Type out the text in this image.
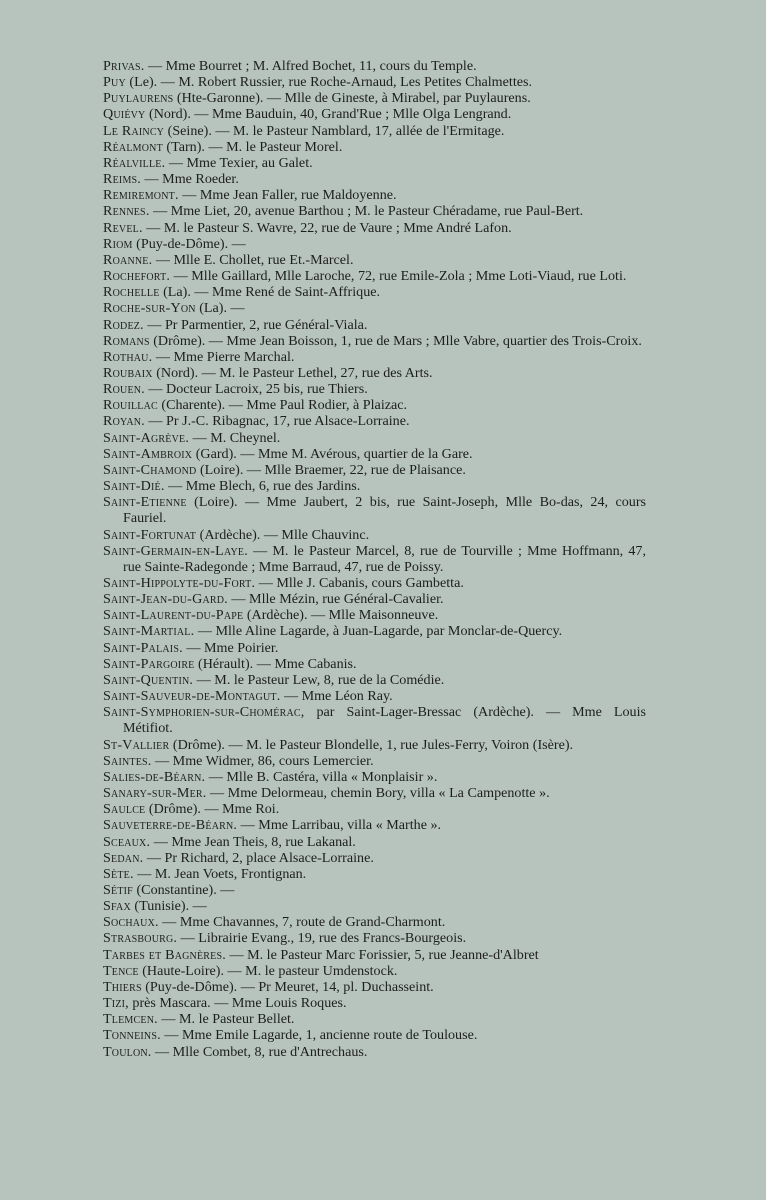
Privas. — Mme Bourret ; M. Alfred Bochet, 11, cours du Temple.
Puy (Le). — M. Robert Russier, rue Roche-Arnaud, Les Petites Chalmettes.
Puylaurens (Hte-Garonne). — Mlle de Gineste, à Mirabel, par Puylaurens.
Quiévy (Nord). — Mme Bauduin, 40, Grand'Rue ; Mlle Olga Lengrand.
Le Raincy (Seine). — M. le Pasteur Namblard, 17, allée de l'Ermitage.
Réalmont (Tarn). — M. le Pasteur Morel.
Réalville. — Mme Texier, au Galet.
Reims. — Mme Roeder.
Remiremont. — Mme Jean Faller, rue Maldoyenne.
Rennes. — Mme Liet, 20, avenue Barthou ; M. le Pasteur Chéradame, rue Paul-Bert.
Revel. — M. le Pasteur S. Wavre, 22, rue de Vaure ; Mme André Lafon.
Riom (Puy-de-Dôme). —
Roanne. — Mlle E. Chollet, rue Et.-Marcel.
Rochefort. — Mlle Gaillard, Mlle Laroche, 72, rue Emile-Zola ; Mme Loti-Viaud, rue Loti.
Rochelle (La). — Mme René de Saint-Affrique.
Roche-sur-Yon (La). —
Rodez. — Pr Parmentier, 2, rue Général-Viala.
Romans (Drôme). — Mme Jean Boisson, 1, rue de Mars ; Mlle Vabre, quartier des Trois-Croix.
Rothau. — Mme Pierre Marchal.
Roubaix (Nord). — M. le Pasteur Lethel, 27, rue des Arts.
Rouen. — Docteur Lacroix, 25 bis, rue Thiers.
Rouillac (Charente). — Mme Paul Rodier, à Plaizac.
Royan. — Pr J.-C. Ribagnac, 17, rue Alsace-Lorraine.
Saint-Agrève. — M. Cheynel.
Saint-Ambroix (Gard). — Mme M. Avérous, quartier de la Gare.
Saint-Chamond (Loire). — Mlle Braemer, 22, rue de Plaisance.
Saint-Dié. — Mme Blech, 6, rue des Jardins.
Saint-Etienne (Loire). — Mme Jaubert, 2 bis, rue Saint-Joseph, Mlle Bo-das, 24, cours Fauriel.
Saint-Fortunat (Ardèche). — Mlle Chauvinc.
Saint-Germain-en-Laye. — M. le Pasteur Marcel, 8, rue de Tourville ; Mme Hoffmann, 47, rue Sainte-Radegonde ; Mme Barraud, 47, rue de Poissy.
Saint-Hippolyte-du-Fort. — Mlle J. Cabanis, cours Gambetta.
Saint-Jean-du-Gard. — Mlle Mézin, rue Général-Cavalier.
Saint-Laurent-du-Pape (Ardèche). — Mlle Maisonneuve.
Saint-Martial. — Mlle Aline Lagarde, à Juan-Lagarde, par Monclar-de-Quercy.
Saint-Palais. — Mme Poirier.
Saint-Pargoire (Hérault). — Mme Cabanis.
Saint-Quentin. — M. le Pasteur Lew, 8, rue de la Comédie.
Saint-Sauveur-de-Montagut. — Mme Léon Ray.
Saint-Symphorien-sur-Chomérac, par Saint-Lager-Bressac (Ardèche). — Mme Louis Métifiot.
St-Vallier (Drôme). — M. le Pasteur Blondelle, 1, rue Jules-Ferry, Voiron (Isère).
Saintes. — Mme Widmer, 86, cours Lemercier.
Salies-de-Béarn. — Mlle B. Castéra, villa « Monplaisir ».
Sanary-sur-Mer. — Mme Delormeau, chemin Bory, villa « La Campenotte ».
Saulce (Drôme). — Mme Roi.
Sauveterre-de-Béarn. — Mme Larribau, villa « Marthe ».
Sceaux. — Mme Jean Theis, 8, rue Lakanal.
Sedan. — Pr Richard, 2, place Alsace-Lorraine.
Sète. — M. Jean Voets, Frontignan.
Sétif (Constantine). —
Sfax (Tunisie). —
Sochaux. — Mme Chavannes, 7, route de Grand-Charmont.
Strasbourg. — Librairie Evang., 19, rue des Francs-Bourgeois.
Tarbes et Bagnères. — M. le Pasteur Marc Forissier, 5, rue Jeanne-d'Albret
Tence (Haute-Loire). — M. le pasteur Umdenstock.
Thiers (Puy-de-Dôme). — Pr Meuret, 14, pl. Duchasseint.
Tizi, près Mascara. — Mme Louis Roques.
Tlemcen. — M. le Pasteur Bellet.
Tonneins. — Mme Emile Lagarde, 1, ancienne route de Toulouse.
Toulon. — Mlle Combet, 8, rue d'Antrechaus.
